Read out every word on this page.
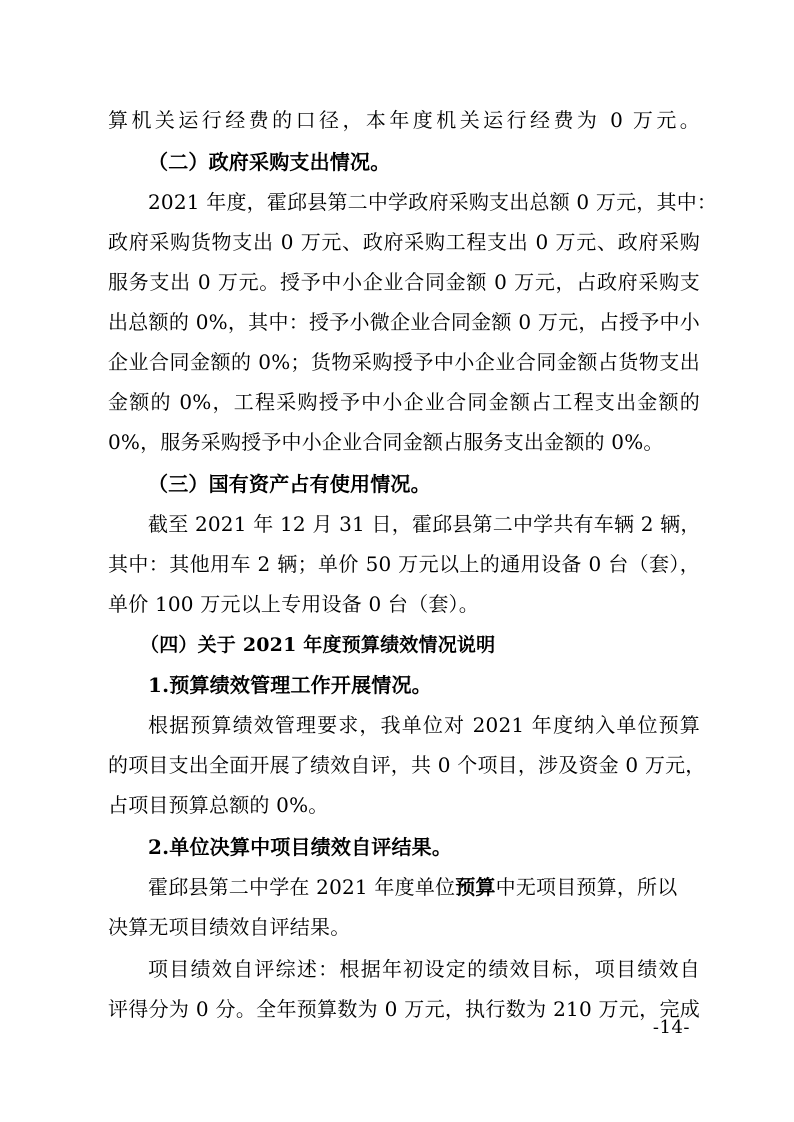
算机关运行经费的口径，本年度机关运行经费为 0 万元。
（二）政府采购支出情况。
2021 年度，霍邱县第二中学政府采购支出总额 0 万元，其中：
政府采购货物支出 0 万元、政府采购工程支出 0 万元、政府采购
服务支出 0 万元。授予中小企业合同金额 0 万元，占政府采购支
出总额的 0%，其中：授予小微企业合同金额 0 万元，占授予中小
企业合同金额的 0%；货物采购授予中小企业合同金额占货物支出
金额的 0%，工程采购授予中小企业合同金额占工程支出金额的
0%，服务采购授予中小企业合同金额占服务支出金额的 0%。
（三）国有资产占有使用情况。
截至 2021 年 12 月 31 日，霍邱县第二中学共有车辆 2 辆，
其中：其他用车 2 辆；单价 50 万元以上的通用设备 0 台（套），
单价 100 万元以上专用设备 0 台（套）。
（四）关于 2021 年度预算绩效情况说明
1.预算绩效管理工作开展情况。
根据预算绩效管理要求，我单位对 2021 年度纳入单位预算
的项目支出全面开展了绩效自评，共 0 个项目，涉及资金 0 万元，
占项目预算总额的 0%。
2.单位决算中项目绩效自评结果。
霍邱县第二中学在 2021 年度单位预算中无项目预算，所以
决算无项目绩效自评结果。
项目绩效自评综述：根据年初设定的绩效目标，项目绩效自
评得分为 0 分。全年预算数为 0 万元，执行数为 210 万元，完成
-14-
